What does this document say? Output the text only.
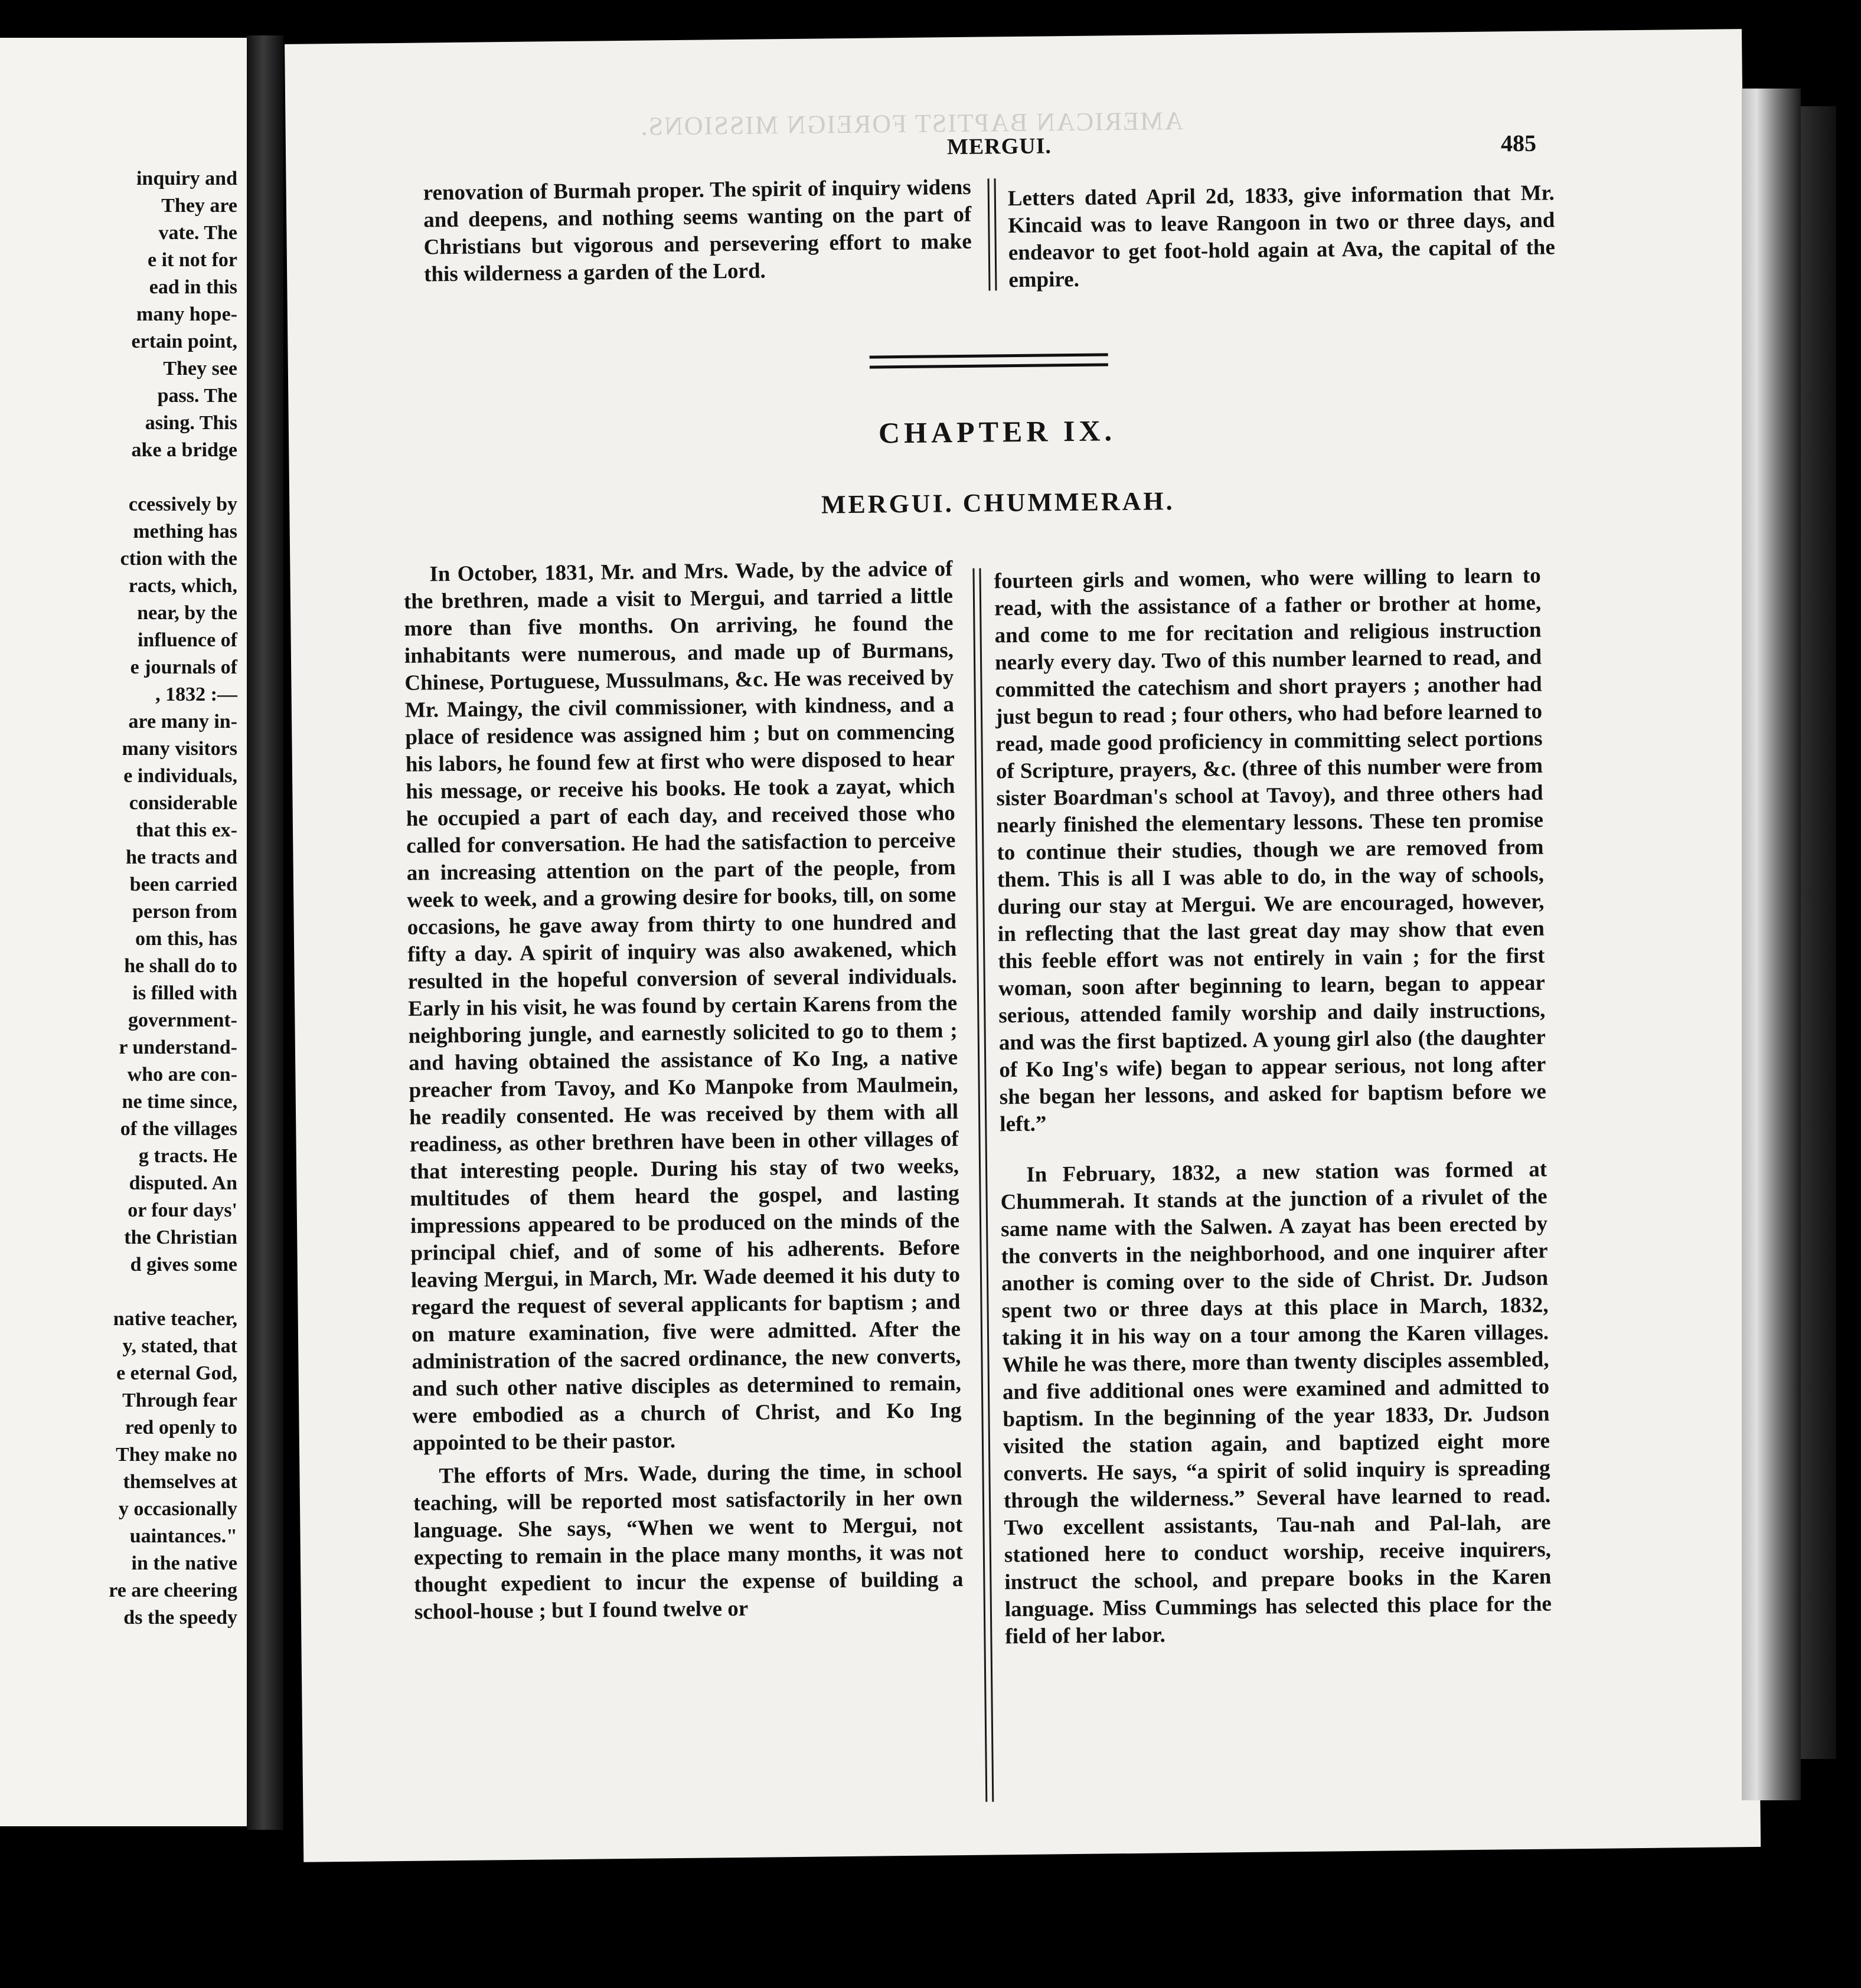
inquiry and
They are
vate. The
e it not for
ead in this
many hope-
ertain point,
They see
pass. The
asing. This
ake a bridge

ccessively by
mething has
ction with the
racts, which,
near, by the
influence of
e journals of
, 1832 :—
are many in-
many visitors
e individuals,
considerable
that this ex-
he tracts and
been carried
person from
om this, has
he shall do to
is filled with
government-
r understand-
who are con-
ne time since,
of the villages
g tracts. He
disputed. An
or four days'
the Christian
d gives some

native teacher,
y, stated, that
e eternal God,
Through fear
red openly to
They make no
themselves at
y occasionally
uaintances."
in the native
re are cheering
ds the speedy
AMERICAN BAPTIST FOREIGN MISSIONS.
MERGUI.	485

renovation of Burmah proper. The spirit of inquiry widens and deepens, and nothing seems wanting on the part of Christians but vigorous and persevering effort to make this wilderness a garden of the Lord.

Letters dated April 2d, 1833, give information that Mr. Kincaid was to leave Rangoon in two or three days, and endeavor to get foot-hold again at Ava, the capital of the empire.

CHAPTER IX.
MERGUI. CHUMMERAH.

In October, 1831, Mr. and Mrs. Wade, by the advice of the brethren, made a visit to Mergui, and tarried a little more than five months. On arriving, he found the inhabitants were numerous, and made up of Burmans, Chinese, Portuguese, Mussulmans, &c. He was received by Mr. Maingy, the civil commissioner, with kindness, and a place of residence was assigned him ; but on commencing his labors, he found few at first who were disposed to hear his message, or receive his books. He took a zayat, which he occupied a part of each day, and received those who called for conversation. He had the satisfaction to perceive an increasing attention on the part of the people, from week to week, and a growing desire for books, till, on some occasions, he gave away from thirty to one hundred and fifty a day. A spirit of inquiry was also awakened, which resulted in the hopeful conversion of several individuals. Early in his visit, he was found by certain Karens from the neighboring jungle, and earnestly solicited to go to them ; and having obtained the assistance of Ko Ing, a native preacher from Tavoy, and Ko Manpoke from Maulmein, he readily consented. He was received by them with all readiness, as other brethren have been in other villages of that interesting people. During his stay of two weeks, multitudes of them heard the gospel, and lasting impressions appeared to be produced on the minds of the principal chief, and of some of his adherents. Before leaving Mergui, in March, Mr. Wade deemed it his duty to regard the request of several applicants for baptism ; and on mature examination, five were admitted. After the administration of the sacred ordinance, the new converts, and such other native disciples as determined to remain, were embodied as a church of Christ, and Ko Ing appointed to be their pastor.

The efforts of Mrs. Wade, during the time, in school teaching, will be reported most satisfactorily in her own language. She says, “When we went to Mergui, not expecting to remain in the place many months, it was not thought expedient to incur the expense of building a school-house ; but I found twelve or

fourteen girls and women, who were willing to learn to read, with the assistance of a father or brother at home, and come to me for recitation and religious instruction nearly every day. Two of this number learned to read, and committed the catechism and short prayers ; another had just begun to read ; four others, who had before learned to read, made good proficiency in committing select portions of Scripture, prayers, &c. (three of this number were from sister Boardman's school at Tavoy), and three others had nearly finished the elementary lessons. These ten promise to continue their studies, though we are removed from them. This is all I was able to do, in the way of schools, during our stay at Mergui. We are encouraged, however, in reflecting that the last great day may show that even this feeble effort was not entirely in vain ; for the first woman, soon after beginning to learn, began to appear serious, attended family worship and daily instructions, and was the first baptized. A young girl also (the daughter of Ko Ing's wife) began to appear serious, not long after she began her lessons, and asked for baptism before we left.”

In February, 1832, a new station was formed at Chummerah. It stands at the junction of a rivulet of the same name with the Salwen. A zayat has been erected by the converts in the neighborhood, and one inquirer after another is coming over to the side of Christ. Dr. Judson spent two or three days at this place in March, 1832, taking it in his way on a tour among the Karen villages. While he was there, more than twenty disciples assembled, and five additional ones were examined and admitted to baptism. In the beginning of the year 1833, Dr. Judson visited the station again, and baptized eight more converts. He says, “a spirit of solid inquiry is spreading through the wilderness.” Several have learned to read. Two excellent assistants, Tau-nah and Pal-lah, are stationed here to conduct worship, receive inquirers, instruct the school, and prepare books in the Karen language. Miss Cummings has selected this place for the field of her labor.
